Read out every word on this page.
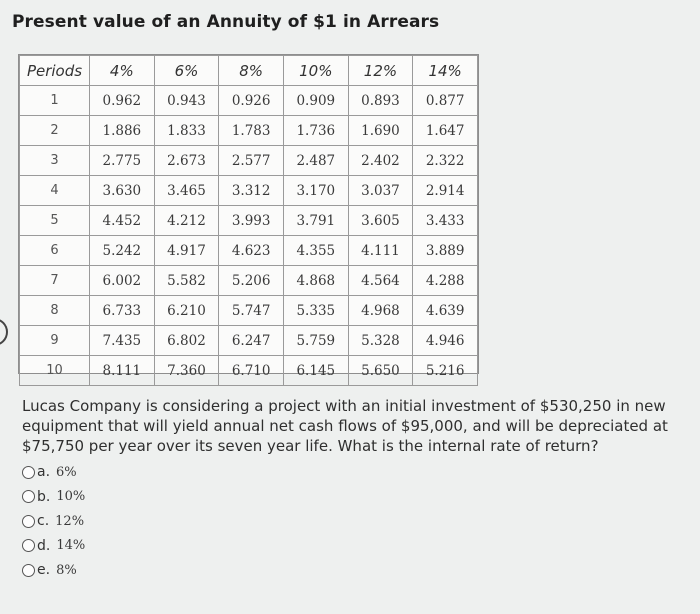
Present value of an Annuity of $1 in Arrears
Periods	4%	6%	8%	10%	12%	14%
1	0.962	0.943	0.926	0.909	0.893	0.877
2	1.886	1.833	1.783	1.736	1.690	1.647
3	2.775	2.673	2.577	2.487	2.402	2.322
4	3.630	3.465	3.312	3.170	3.037	2.914
5	4.452	4.212	3.993	3.791	3.605	3.433
6	5.242	4.917	4.623	4.355	4.111	3.889
7	6.002	5.582	5.206	4.868	4.564	4.288
8	6.733	6.210	5.747	5.335	4.968	4.639
9	7.435	6.802	6.247	5.759	5.328	4.946
10	8.111	7.360	6.710	6.145	5.650	5.216
Lucas Company is considering a project with an initial investment of $530,250 in new equipment that will yield annual net cash flows of $95,000, and will be depreciated at $75,750 per year over its seven year life. What is the internal rate of return?
a. 6%
b. 10%
c. 12%
d. 14%
e. 8%
